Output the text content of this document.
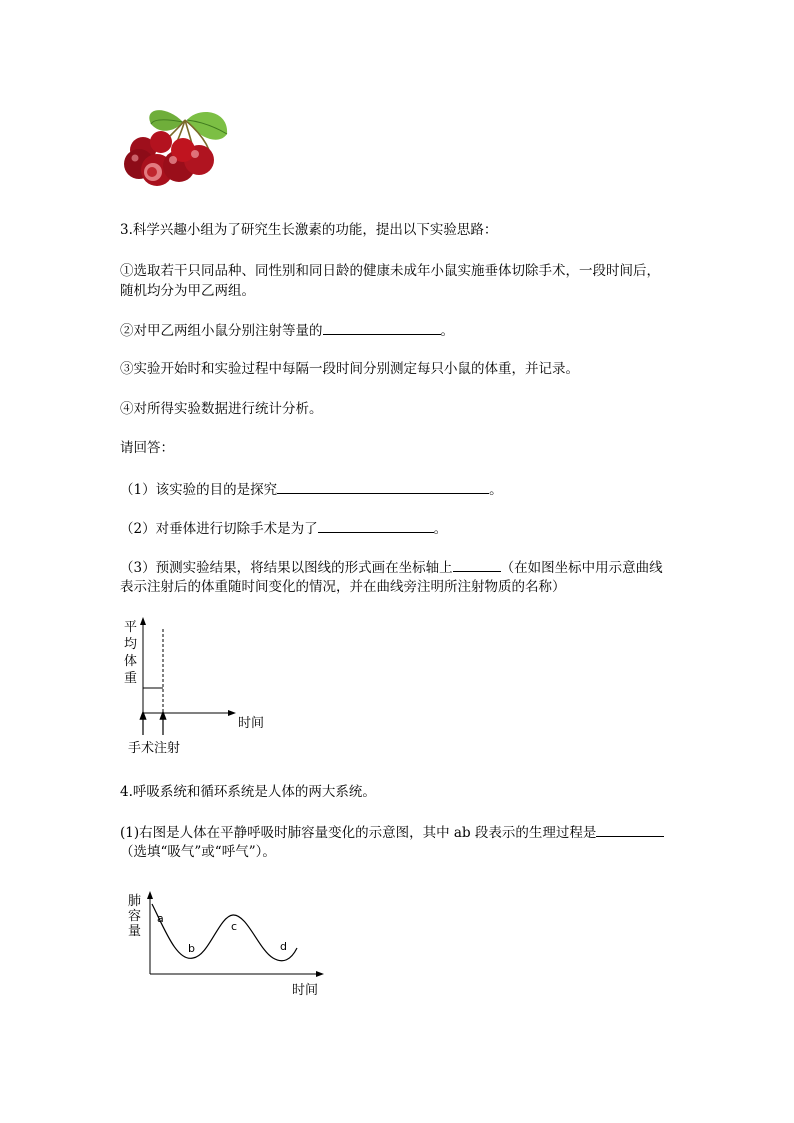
3.科学兴趣小组为了研究生长激素的功能，提出以下实验思路：
①选取若干只同品种、同性别和同日龄的健康未成年小鼠实施垂体切除手术，一段时间后，
随机均分为甲乙两组。
②对甲乙两组小鼠分别注射等量的	。
③实验开始时和实验过程中每隔一段时间分别测定每只小鼠的体重，并记录。
④对所得实验数据进行统计分析。
请回答：
（1）该实验的目的是探究	。
（2）对垂体进行切除手术是为了	。
（3）预测实验结果，将结果以图线的形式画在坐标轴上	（在如图坐标中用示意曲线
表示注射后的体重随时间变化的情况，并在曲线旁注明所注射物质的名称）
平
均
体
重
时间
手术注射
4.呼吸系统和循环系统是人体的两大系统。
(1)右图是人体在平静呼吸时肺容量变化的示意图，其中 ab 段表示的生理过程是
（选填“吸气”或“呼气”）。
肺
容
量
a
b
c
d
时间
